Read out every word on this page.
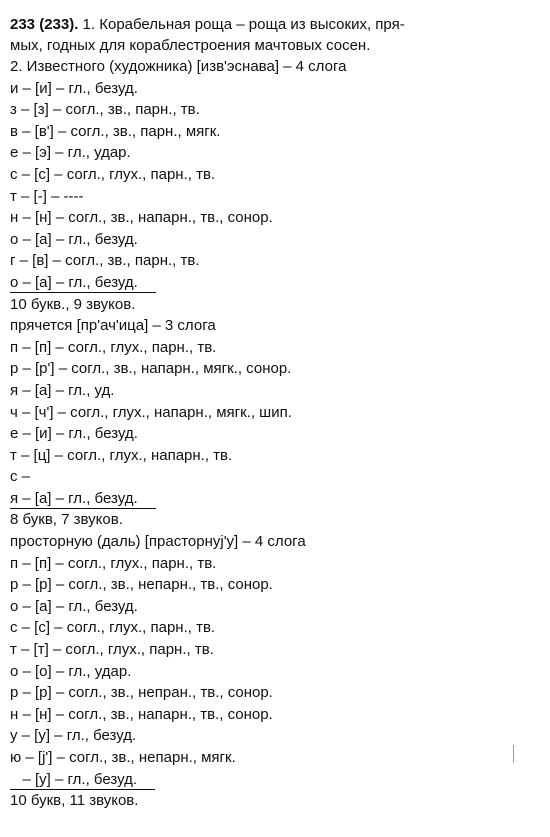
233 (233). 1. Корабельная роща – роща из высоких, пря-
мых, годных для кораблестроения мачтовых сосен.
2. Известного (художника) [изв'эснава] – 4 слога
и – [и] – гл., безуд.
з – [з] – согл., зв., парн., тв.
в – [в'] – согл., зв., парн., мягк.
е – [э] – гл., удар.
с – [с] – согл., глух., парн., тв.
т – [-] – ----
н – [н] – согл., зв., напарн., тв., сонор.
о – [а] – гл., безуд.
г – [в] – согл., зв., парн., тв.
о – [а] – гл., безуд.
10 букв., 9 звуков.
прячется [пр'ач'ица] – 3 слога
п – [п] – согл., глух., парн., тв.
р – [р'] – согл., зв., напарн., мягк., сонор.
я – [а] – гл., уд.
ч – [ч'] – согл., глух., напарн., мягк., шип.
е – [и] – гл., безуд.
т – [ц] – согл., глух., напарн., тв.
с –
я – [а] – гл., безуд.
8 букв, 7 звуков.
просторную (даль) [прасторнуj'у] – 4 слога
п – [п] – согл., глух., парн., тв.
р – [р] – согл., зв., непарн., тв., сонор.
о – [а] – гл., безуд.
с – [с] – согл., глух., парн., тв.
т – [т] – согл., глух., парн., тв.
о – [о] – гл., удар.
р – [р] – согл., зв., непран., тв., сонор.
н – [н] – согл., зв., напарн., тв., сонор.
у – [у] – гл., безуд.
ю – [j'] – согл., зв., непарн., мягк.
– [у] – гл., безуд.
10 букв, 11 звуков.
